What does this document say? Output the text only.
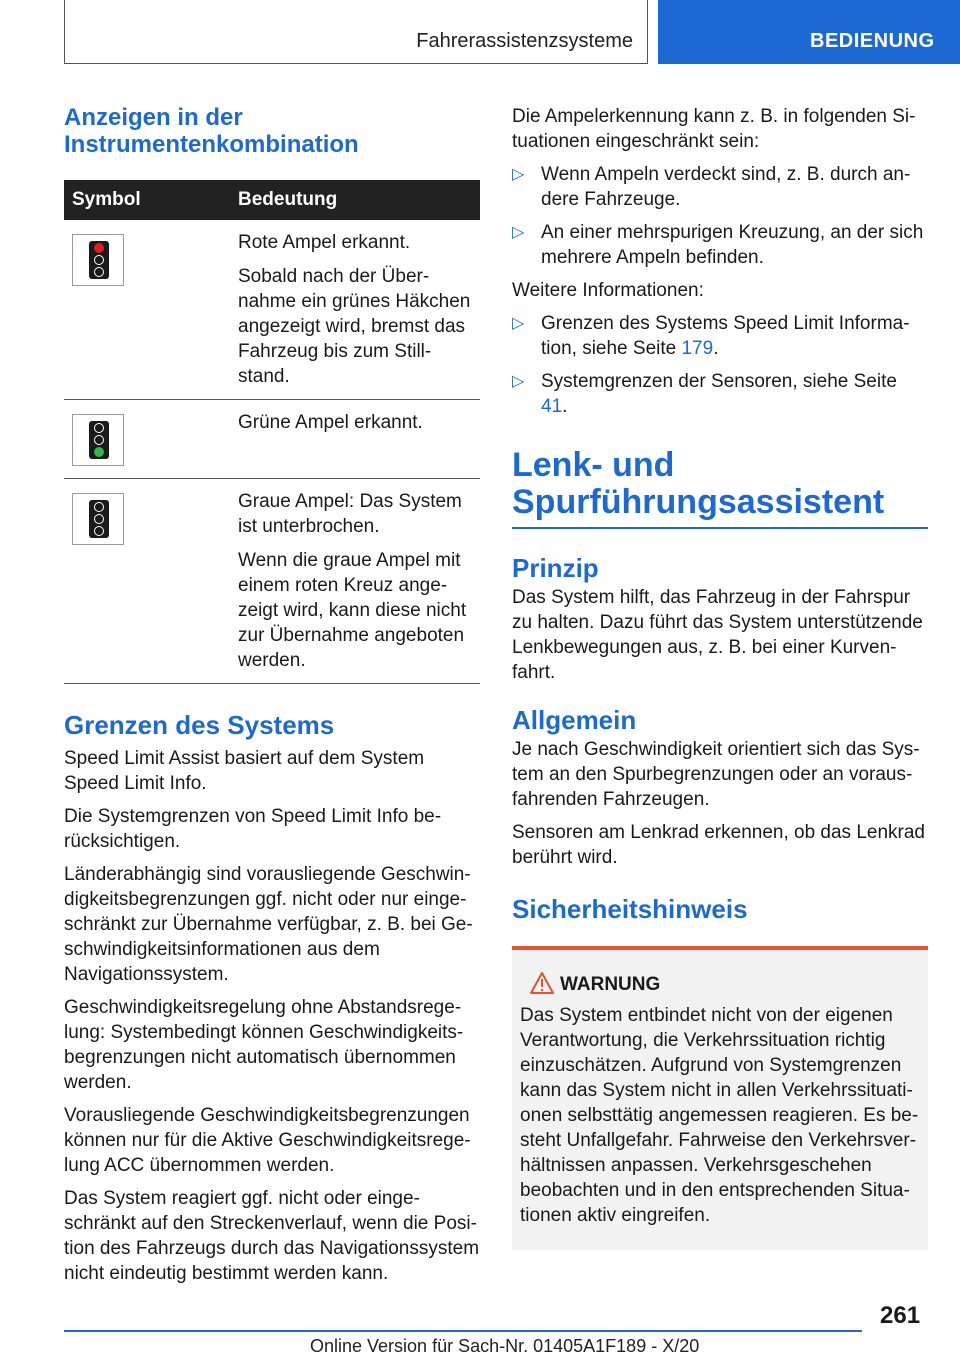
Fahrerassistenzsysteme	BEDIENUNG
Anzeigen in der
Instrumentenkombination
Symbol	Bedeutung

	Rote Ampel erkannt.

Sobald nach der Über-nahme ein grünes Häkchen angezeigt wird, bremst das Fahrzeug bis zum Still-stand.

	Grüne Ampel erkannt.

	Graue Ampel: Das System ist unterbrochen.

Wenn die graue Ampel mit einem roten Kreuz ange-zeigt wird, kann diese nicht zur Übernahme angeboten werden.

Grenzen des Systems

Speed Limit Assist basiert auf dem System Speed Limit Info.

Die Systemgrenzen von Speed Limit Info be-rücksichtigen.

Länderabhängig sind vorausliegende Geschwin-digkeitsbegrenzungen ggf. nicht oder nur einge-schränkt zur Übernahme verfügbar, z. B. bei Ge-schwindigkeitsinformationen aus dem Navigationssystem.

Geschwindigkeitsregelung ohne Abstandsrege-lung: Systembedingt können Geschwindigkeits-begrenzungen nicht automatisch übernommen werden.

Vorausliegende Geschwindigkeitsbegrenzungen können nur für die Aktive Geschwindigkeitsrege-lung ACC übernommen werden.

Das System reagiert ggf. nicht oder einge-schränkt auf den Streckenverlauf, wenn die Posi-tion des Fahrzeugs durch das Navigationssystem nicht eindeutig bestimmt werden kann.

Die Ampelerkennung kann z. B. in folgenden Si-tuationen eingeschränkt sein:

▷ Wenn Ampeln verdeckt sind, z. B. durch an-dere Fahrzeuge.
▷ An einer mehrspurigen Kreuzung, an der sich mehrere Ampeln befinden.

Weitere Informationen:

▷ Grenzen des Systems Speed Limit Informa-tion, siehe Seite 179.
▷ Systemgrenzen der Sensoren, siehe Seite 41.
Lenk- und
Spurführungsassistent
Prinzip

Das System hilft, das Fahrzeug in der Fahrspur zu halten. Dazu führt das System unterstützende Lenkbewegungen aus, z. B. bei einer Kurven-fahrt.

Allgemein

Je nach Geschwindigkeit orientiert sich das Sys-tem an den Spurbegrenzungen oder an voraus-fahrenden Fahrzeugen.

Sensoren am Lenkrad erkennen, ob das Lenkrad berührt wird.

Sicherheitshinweis
WARNUNG

Das System entbindet nicht von der eigenen Verantwortung, die Verkehrssituation richtig einzuschätzen. Aufgrund von Systemgrenzen kann das System nicht in allen Verkehrssituati-onen selbsttätig angemessen reagieren. Es be-steht Unfallgefahr. Fahrweise den Verkehrsver-hältnissen anpassen. Verkehrsgeschehen beobachten und in den entsprechenden Situa-tionen aktiv eingreifen.

261
Online Version für Sach-Nr. 01405A1F189 - X/20
